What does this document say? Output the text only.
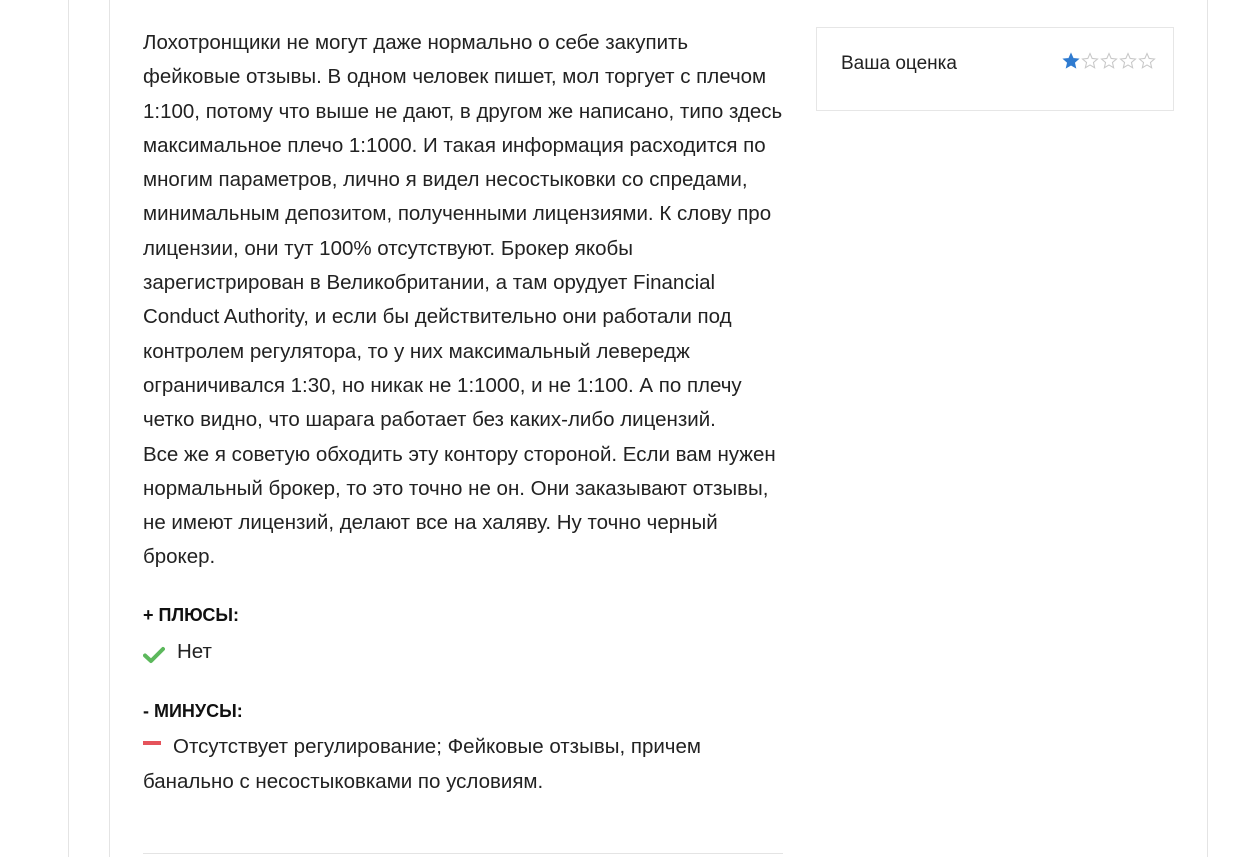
Лохотронщики не могут даже нормально о себе закупить фейковые отзывы. В одном человек пишет, мол торгует с плечом 1:100, потому что выше не дают, в другом же написано, типо здесь максимальное плечо 1:1000. И такая информация расходится по многим параметров, лично я видел несостыковки со спредами, минимальным депозитом, полученными лицензиями. К слову про лицензии, они тут 100% отсутствуют. Брокер якобы зарегистрирован в Великобритании, а там орудует Financial Conduct Authority, и если бы действительно они работали под контролем регулятора, то у них максимальный левередж ограничивался 1:30, но никак не 1:1000, и не 1:100. А по плечу четко видно, что шарага работает без каких-либо лицензий.

Все же я советую обходить эту контору стороной. Если вам нужен нормальный брокер, то это точно не он. Они заказывают отзывы, не имеют лицензий, делают все на халяву. Ну точно черный брокер.

+ ПЛЮСЫ:
Нет
- МИНУСЫ:
Отсутствует регулирование; Фейковые отзывы, причем банально с несостыковками по условиям.
Ваша оценка
